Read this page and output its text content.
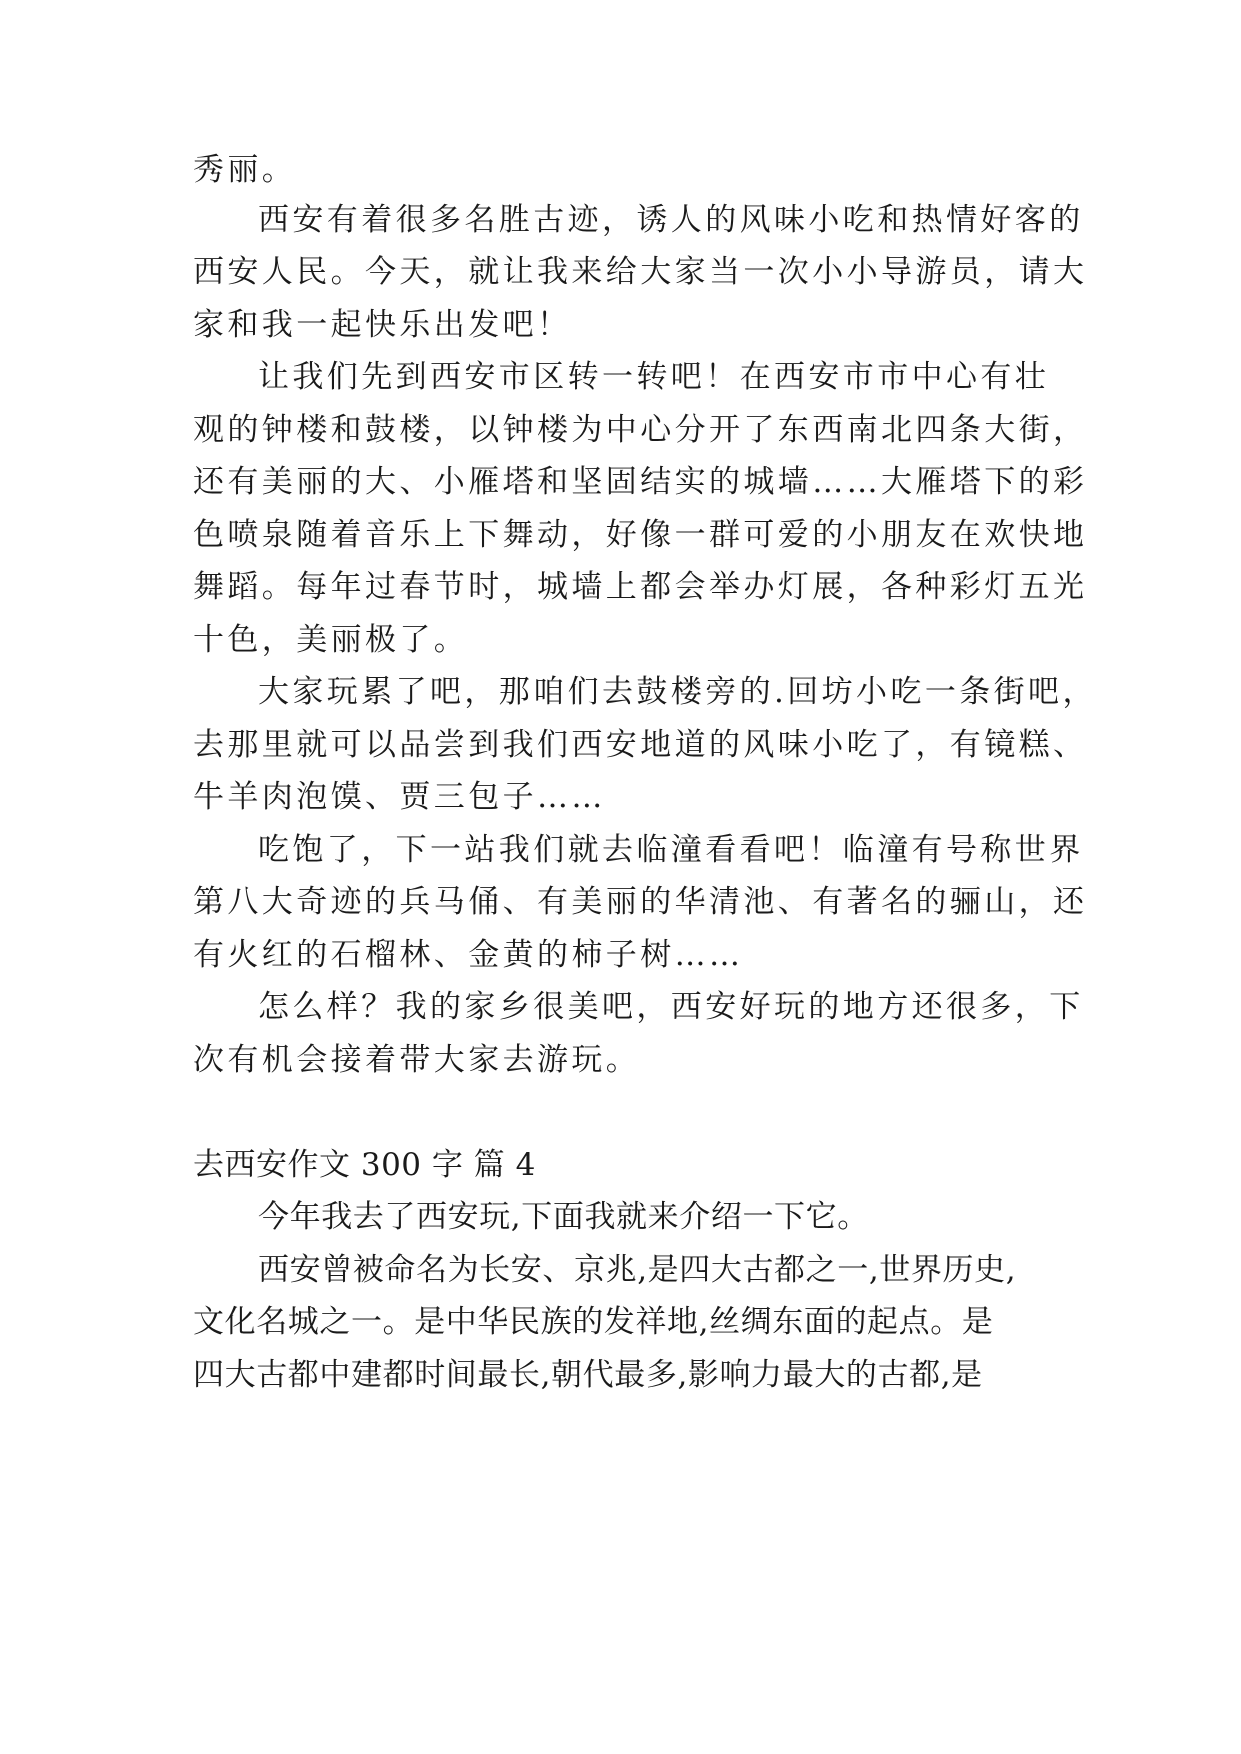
秀丽。
西安有着很多名胜古迹，诱人的风味小吃和热情好客的
西安人民。今天，就让我来给大家当一次小小导游员，请大
家和我一起快乐出发吧！
让我们先到西安市区转一转吧！在西安市市中心有壮
观的钟楼和鼓楼，以钟楼为中心分开了东西南北四条大街，
还有美丽的大、小雁塔和坚固结实的城墙……大雁塔下的彩
色喷泉随着音乐上下舞动，好像一群可爱的小朋友在欢快地
舞蹈。每年过春节时，城墙上都会举办灯展，各种彩灯五光
十色，美丽极了。
大家玩累了吧，那咱们去鼓楼旁的.回坊小吃一条街吧，
去那里就可以品尝到我们西安地道的风味小吃了，有镜糕、
牛羊肉泡馍、贾三包子……
吃饱了，下一站我们就去临潼看看吧！临潼有号称世界
第八大奇迹的兵马俑、有美丽的华清池、有著名的骊山，还
有火红的石榴林、金黄的柿子树……
怎么样？我的家乡很美吧，西安好玩的地方还很多，下
次有机会接着带大家去游玩。
去西安作文 300 字 篇 4
今年我去了西安玩,下面我就来介绍一下它。
西安曾被命名为长安、京兆,是四大古都之一,世界历史,
文化名城之一。是中华民族的发祥地,丝绸东面的起点。是
四大古都中建都时间最长,朝代最多,影响力最大的古都,是
